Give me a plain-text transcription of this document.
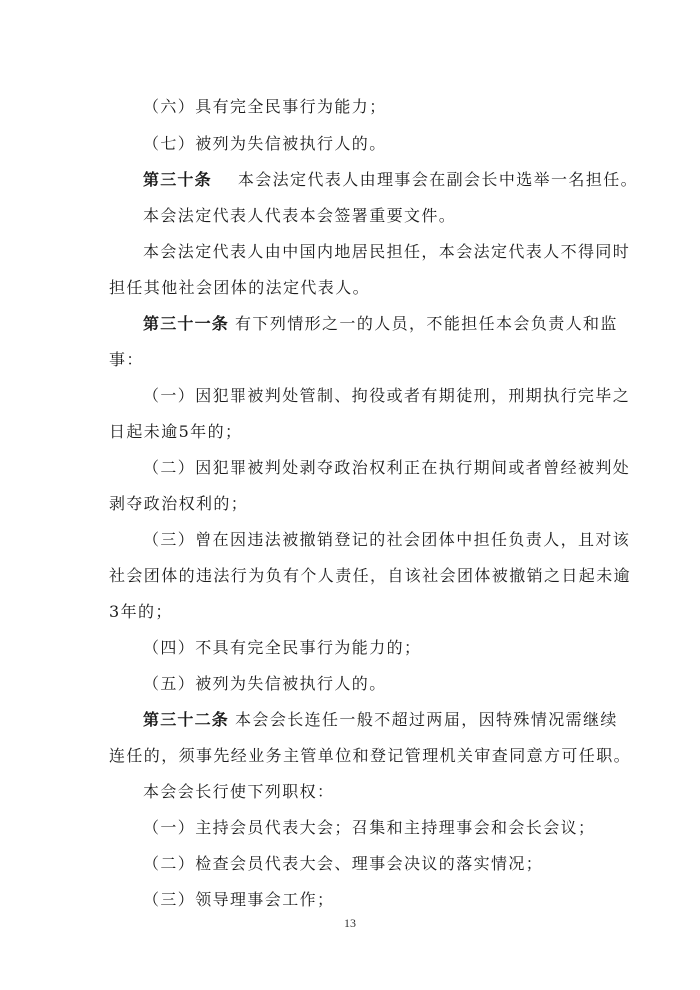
（六）具有完全民事行为能力；
（七）被列为失信被执行人的。
第三十条 本会法定代表人由理事会在副会长中选举一名担任。
本会法定代表人代表本会签署重要文件。
本会法定代表人由中国内地居民担任，本会法定代表人不得同时
担任其他社会团体的法定代表人。
第三十一条 有下列情形之一的人员，不能担任本会负责人和监
事：
（一）因犯罪被判处管制、拘役或者有期徒刑，刑期执行完毕之
日起未逾5年的；
（二）因犯罪被判处剥夺政治权利正在执行期间或者曾经被判处
剥夺政治权利的；
（三）曾在因违法被撤销登记的社会团体中担任负责人，且对该
社会团体的违法行为负有个人责任，自该社会团体被撤销之日起未逾
3年的；
（四）不具有完全民事行为能力的；
（五）被列为失信被执行人的。
第三十二条 本会会长连任一般不超过两届，因特殊情况需继续
连任的，须事先经业务主管单位和登记管理机关审查同意方可任职。
本会会长行使下列职权：
（一）主持会员代表大会；召集和主持理事会和会长会议；
（二）检查会员代表大会、理事会决议的落实情况；
（三）领导理事会工作；
13
